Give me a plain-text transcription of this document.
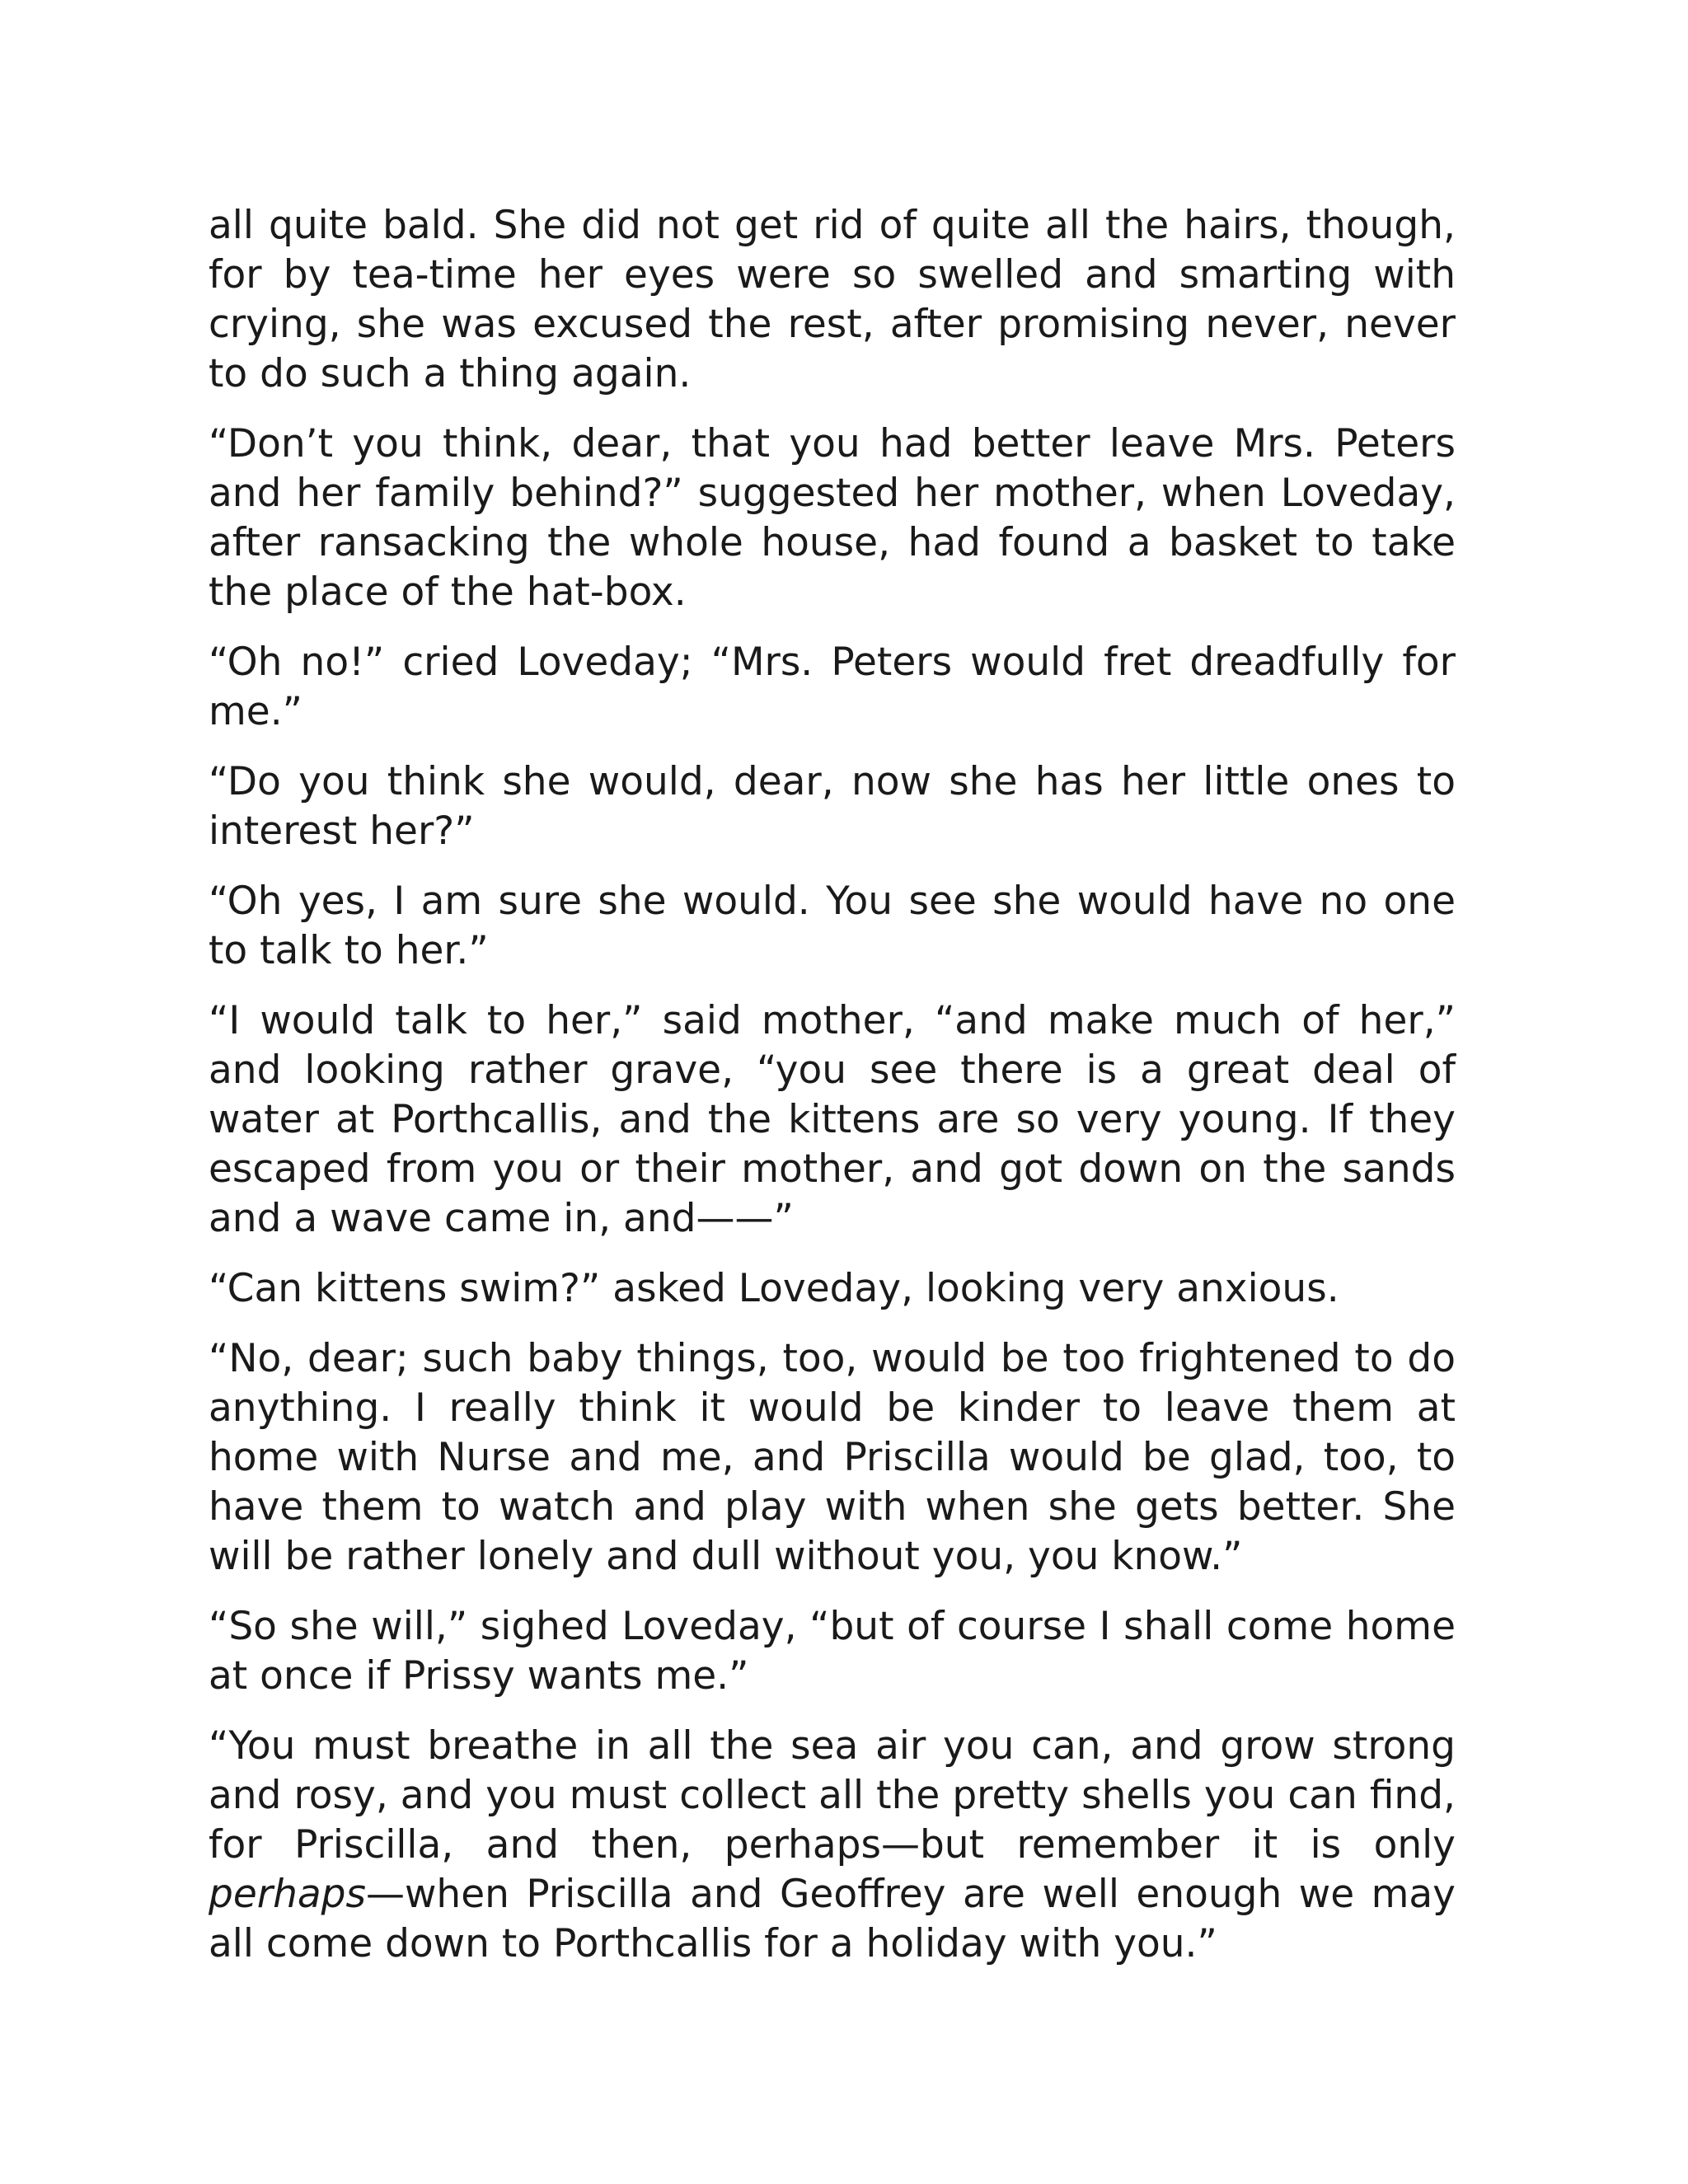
all quite bald. She did not get rid of quite all the hairs, though, for by tea-time her eyes were so swelled and smarting with crying, she was excused the rest, after promising never, never to do such a thing again.

“Don’t you think, dear, that you had better leave Mrs. Peters and her family behind?” suggested her mother, when Loveday, after ransacking the whole house, had found a basket to take the place of the hat-box.

“Oh no!” cried Loveday; “Mrs. Peters would fret dreadfully for me.”

“Do you think she would, dear, now she has her little ones to interest her?”

“Oh yes, I am sure she would. You see she would have no one to talk to her.”

“I would talk to her,” said mother, “and make much of her,” and looking rather grave, “you see there is a great deal of water at Porthcallis, and the kittens are so very young. If they escaped from you or their mother, and got down on the sands and a wave came in, and——”

“Can kittens swim?” asked Loveday, looking very anxious.

“No, dear; such baby things, too, would be too frightened to do anything. I really think it would be kinder to leave them at home with Nurse and me, and Priscilla would be glad, too, to have them to watch and play with when she gets better. She will be rather lonely and dull without you, you know.”

“So she will,” sighed Loveday, “but of course I shall come home at once if Prissy wants me.”

“You must breathe in all the sea air you can, and grow strong and rosy, and you must collect all the pretty shells you can find, for Priscilla, and then, perhaps—but remember it is only perhaps—when Priscilla and Geoffrey are well enough we may all come down to Porthcallis for a holiday with you.”
